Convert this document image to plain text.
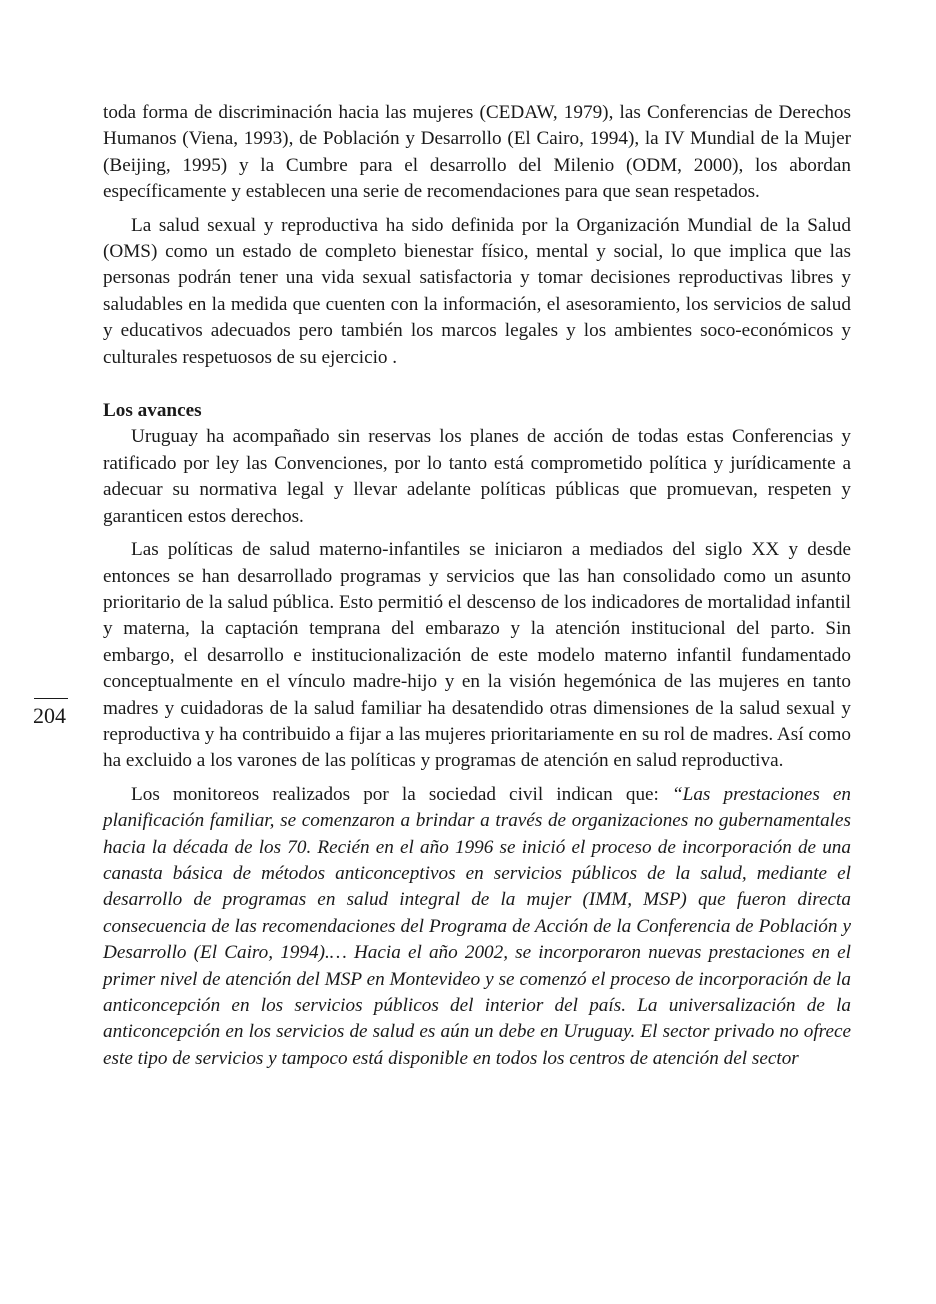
204

toda forma de discriminación hacia las mujeres (CEDAW, 1979), las Conferencias de Derechos Humanos (Viena, 1993), de Población y Desarrollo (El Cairo, 1994), la IV Mundial de la Mujer (Beijing, 1995) y la Cumbre para el desarrollo del Milenio (ODM, 2000), los abordan específicamente y establecen una serie de recomendaciones para que sean respetados.

La salud sexual y reproductiva ha sido definida por la Organización Mundial de la Salud (OMS) como un estado de completo bienestar físico, mental y social, lo que implica que las personas podrán tener una vida sexual satisfactoria y tomar decisiones reproductivas libres y saludables en la medida que cuenten con la información, el asesoramiento, los servicios de salud y educativos adecuados pero también los marcos legales y los ambientes soco-económicos y culturales respetuosos de su ejercicio .

Los avances

Uruguay ha acompañado sin reservas los planes de acción de todas estas Conferencias y ratificado por ley las Convenciones, por lo tanto está comprometido política y jurídicamente a adecuar su normativa legal y llevar adelante políticas públicas que promuevan, respeten y garanticen estos derechos.

Las políticas de salud materno-infantiles se iniciaron a mediados del siglo XX y desde entonces se han desarrollado programas y servicios que las han consolidado como un asunto prioritario de la salud pública. Esto permitió el descenso de los indicadores de mortalidad infantil y materna, la captación temprana del embarazo y la atención institucional del parto. Sin embargo, el desarrollo e institucionalización de este modelo materno infantil fundamentado conceptualmente en el vínculo madre-hijo y en la visión hegemónica de las mujeres en tanto madres y cuidadoras de la salud familiar ha desatendido otras dimensiones de la salud sexual y reproductiva y ha contribuido a fijar a las mujeres prioritariamente en su rol de madres. Así como ha excluido a los varones de las políticas y programas de atención en salud reproductiva.

Los monitoreos realizados por la sociedad civil indican que: “Las prestaciones en planificación familiar, se comenzaron a brindar a través de organizaciones no gubernamentales hacia la década de los 70. Recién en el año 1996 se inició el proceso de incorporación de una canasta básica de métodos anticonceptivos en servicios públicos de la salud, mediante el desarrollo de programas en salud integral de la mujer (IMM, MSP) que fueron directa consecuencia de las recomendaciones del Programa de Acción de la Conferencia de Población y Desarrollo (El Cairo, 1994).… Hacia el año 2002, se incorporaron nuevas prestaciones en el primer nivel de atención del MSP en Montevideo y se comenzó el proceso de incorporación de la anticoncepción en los servicios públicos del interior del país. La universalización de la anticoncepción en los servicios de salud es aún un debe en Uruguay. El sector privado no ofrece este tipo de servicios y tampoco está disponible en todos los centros de atención del sector
